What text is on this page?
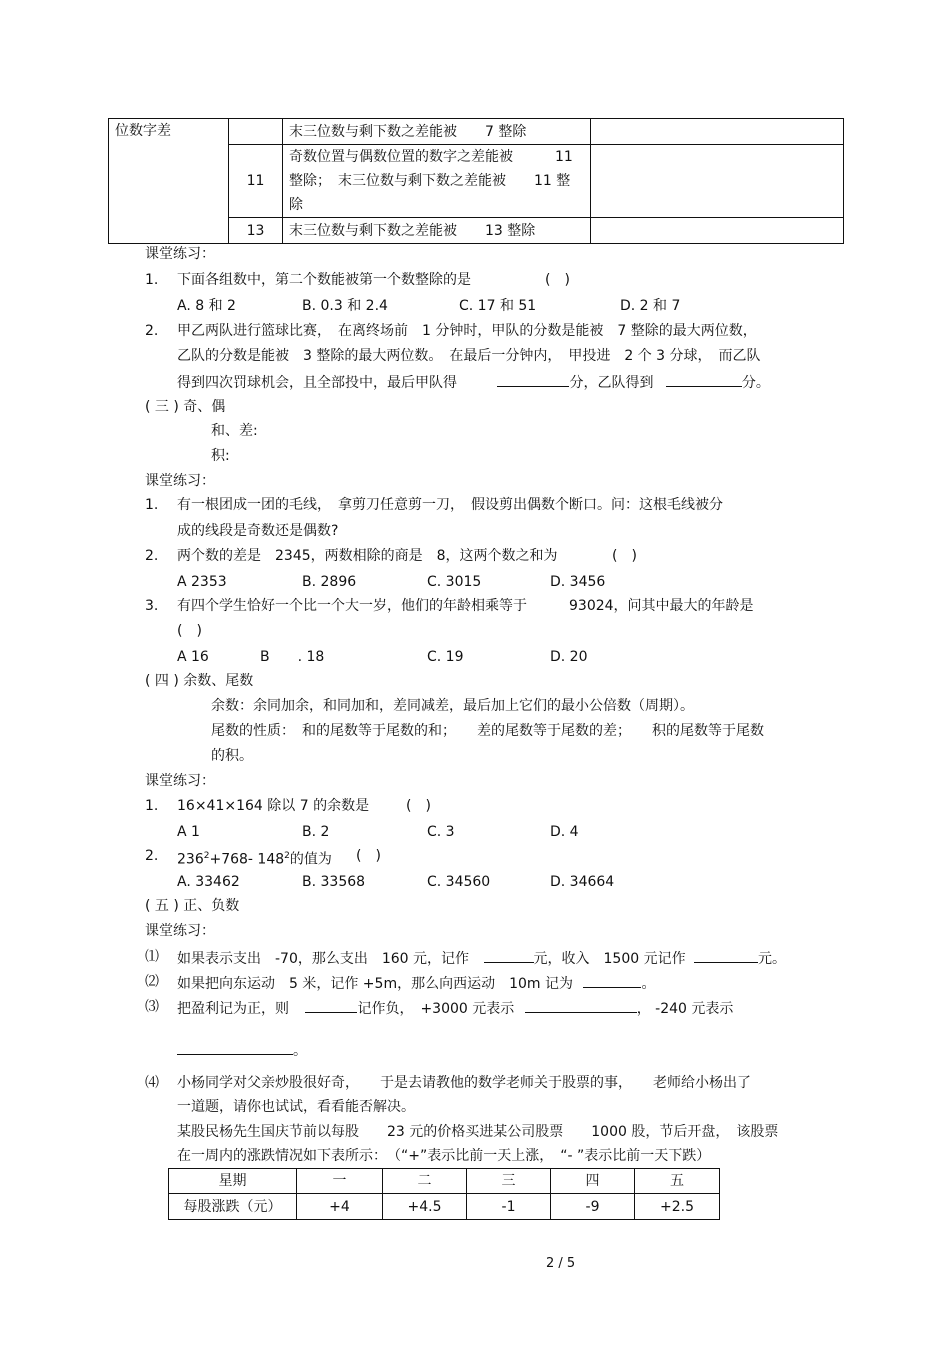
位数字差		末三位数与剩下数之差能被　　7 整除	
	11	奇数位置与偶数位置的数字之差能被　　　11
整除；　末三位数与剩下数之差能被　　11 整
除	

	13	末三位数与剩下数之差能被　　13 整除	
课堂练习：
1. 下面各组数中，第二个数能被第一个数整除的是	(　)
A. 8 和 2	B. 0.3 和 2.4	C. 17 和 51	D. 2 和 7
2. 甲乙两队进行篮球比赛，　在离终场前　1 分钟时，甲队的分数是能被　7 整除的最大两位数，
乙队的分数是能被　3 整除的最大两位数。　在最后一分钟内，　甲投进　2 个 3 分球，　而乙队
得到四次罚球机会，且全部投中，最后甲队得	分，乙队得到	分。
( 三 ) 奇、偶
和、差:
积:
课堂练习：
1. 有一根团成一团的毛线，　拿剪刀任意剪一刀，　假设剪出偶数个断口。问：这根毛线被分
成的线段是奇数还是偶数?
2. 两个数的差是　2345，两数相除的商是　8，这两个数之和为	(　)
A 2353	B. 2896	C. 3015	D. 3456
3. 有四个学生恰好一个比一个大一岁，他们的年龄相乘等于　　　93024，问其中最大的年龄是
(　)
A 16	B　　. 18	C. 19	D. 20
( 四 ) 余数、尾数
余数：余同加余，和同加和，差同减差，最后加上它们的最小公倍数（周期）。
尾数的性质：　和的尾数等于尾数的和；　　差的尾数等于尾数的差；　　积的尾数等于尾数
的积。
课堂练习：
1. 16×41×164 除以 7 的余数是	(　)
A 1	B. 2	C. 3	D. 4
2. $236^2+768-$ $148^2$的值为 (　)
A. 33462	B. 33568	C. 34560	D. 34664
( 五 ) 正、负数
课堂练习：
⑴ 如果表示支出　-70，那么支出　160 元，记作	元，收入　1500 元记作	元。
⑵ 如果把向东运动　5 米，记作 +5m，那么向西运动　10m 记为	。
⑶ 把盈利记为正，则	记作负，　+3000 元表示	， -240 元表示
。
⑷ 小杨同学对父亲炒股很好奇，　　于是去请教他的数学老师关于股票的事，　　老师给小杨出了
一道题，请你也试试，看看能否解决。
某股民杨先生国庆节前以每股　　23 元的价格买进某公司股票　　1000 股，节后开盘，　该股票
在一周内的涨跌情况如下表所示：　（“+”表示比前一天上涨，　“- ”表示比前一天下跌）
星期	一	二	三	四	五
每股涨跌（元）	+4	+4.5	-1	-9	+2.5
2 / 5
